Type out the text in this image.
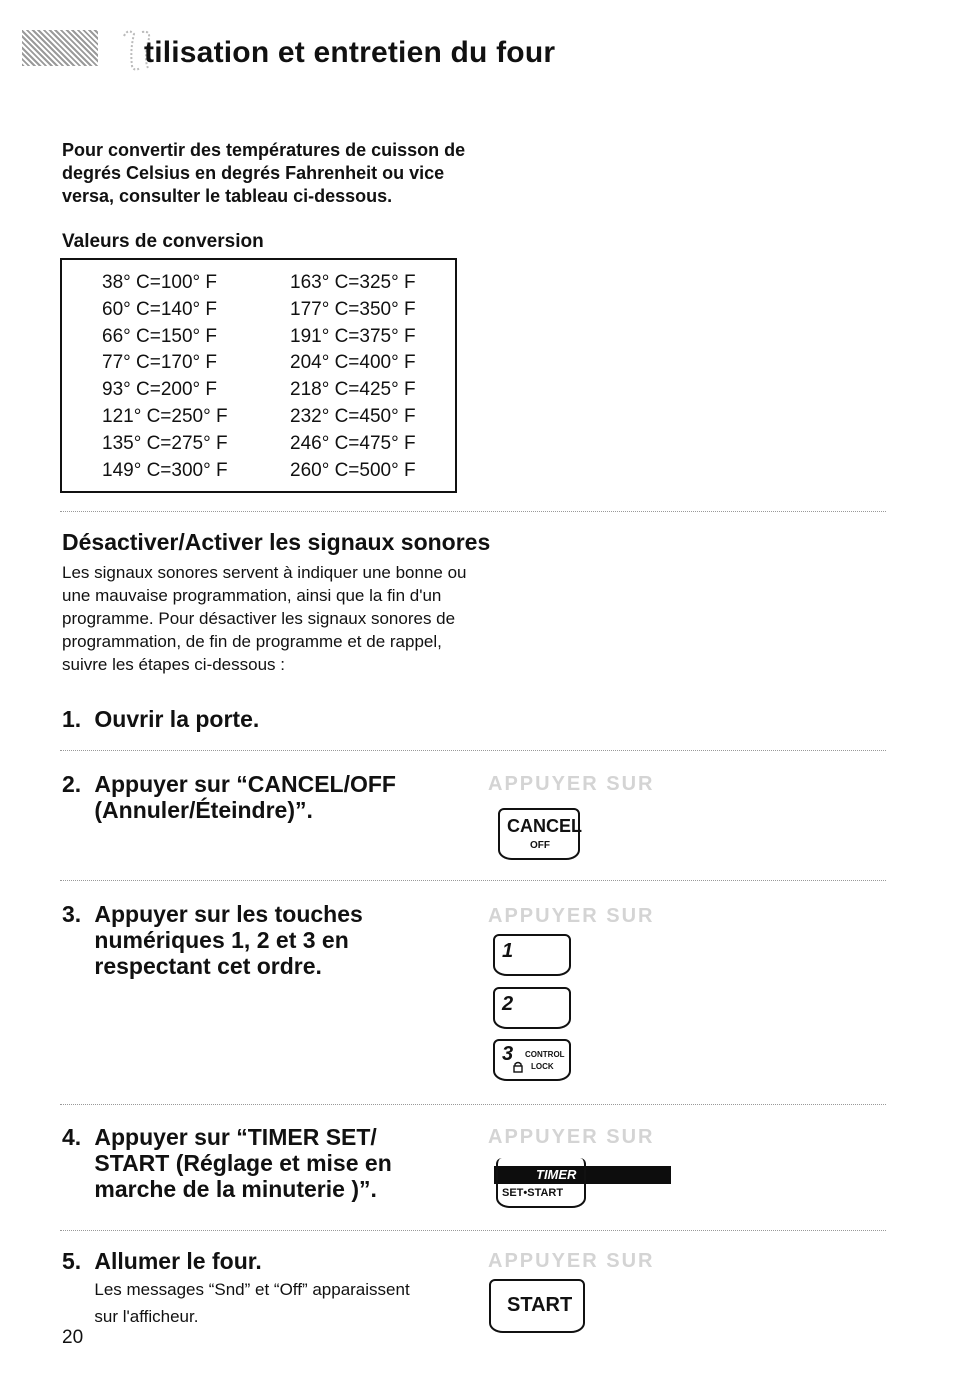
tilisation et entretien du four
Pour convertir des températures de cuisson de degrés Celsius en degrés Fahrenheit ou vice versa, consulter le tableau ci-dessous.
Valeurs de conversion
38° C=100° F
60° C=140° F
66° C=150° F
77° C=170° F
93° C=200° F
121° C=250° F
135° C=275° F
149° C=300° F
163° C=325° F
177° C=350° F
191° C=375° F
204° C=400° F
218° C=425° F
232° C=450° F
246° C=475° F
260° C=500° F
Désactiver/Activer les signaux sonores
Les signaux sonores servent à indiquer une bonne ou une mauvaise programmation, ainsi que la fin d'un programme. Pour désactiver les signaux sonores de programmation, de fin de programme et de rappel, suivre les étapes ci-dessous :
1. Ouvrir la porte.
2. Appuyer sur “CANCEL/OFF (Annuler/Éteindre)”.
APPUYER SUR
CANCEL
OFF
3. Appuyer sur les touches numériques 1, 2 et 3 en respectant cet ordre.
APPUYER SUR
1
2
3 CONTROL
LOCK
4. Appuyer sur “TIMER SET/ START (Réglage et mise en marche de la minuterie )”.
APPUYER SUR
TIMER
SET•START
5. Allumer le four.
Les messages “Snd” et “Off” apparaissent sur l'afficheur.
APPUYER SUR
START
20
